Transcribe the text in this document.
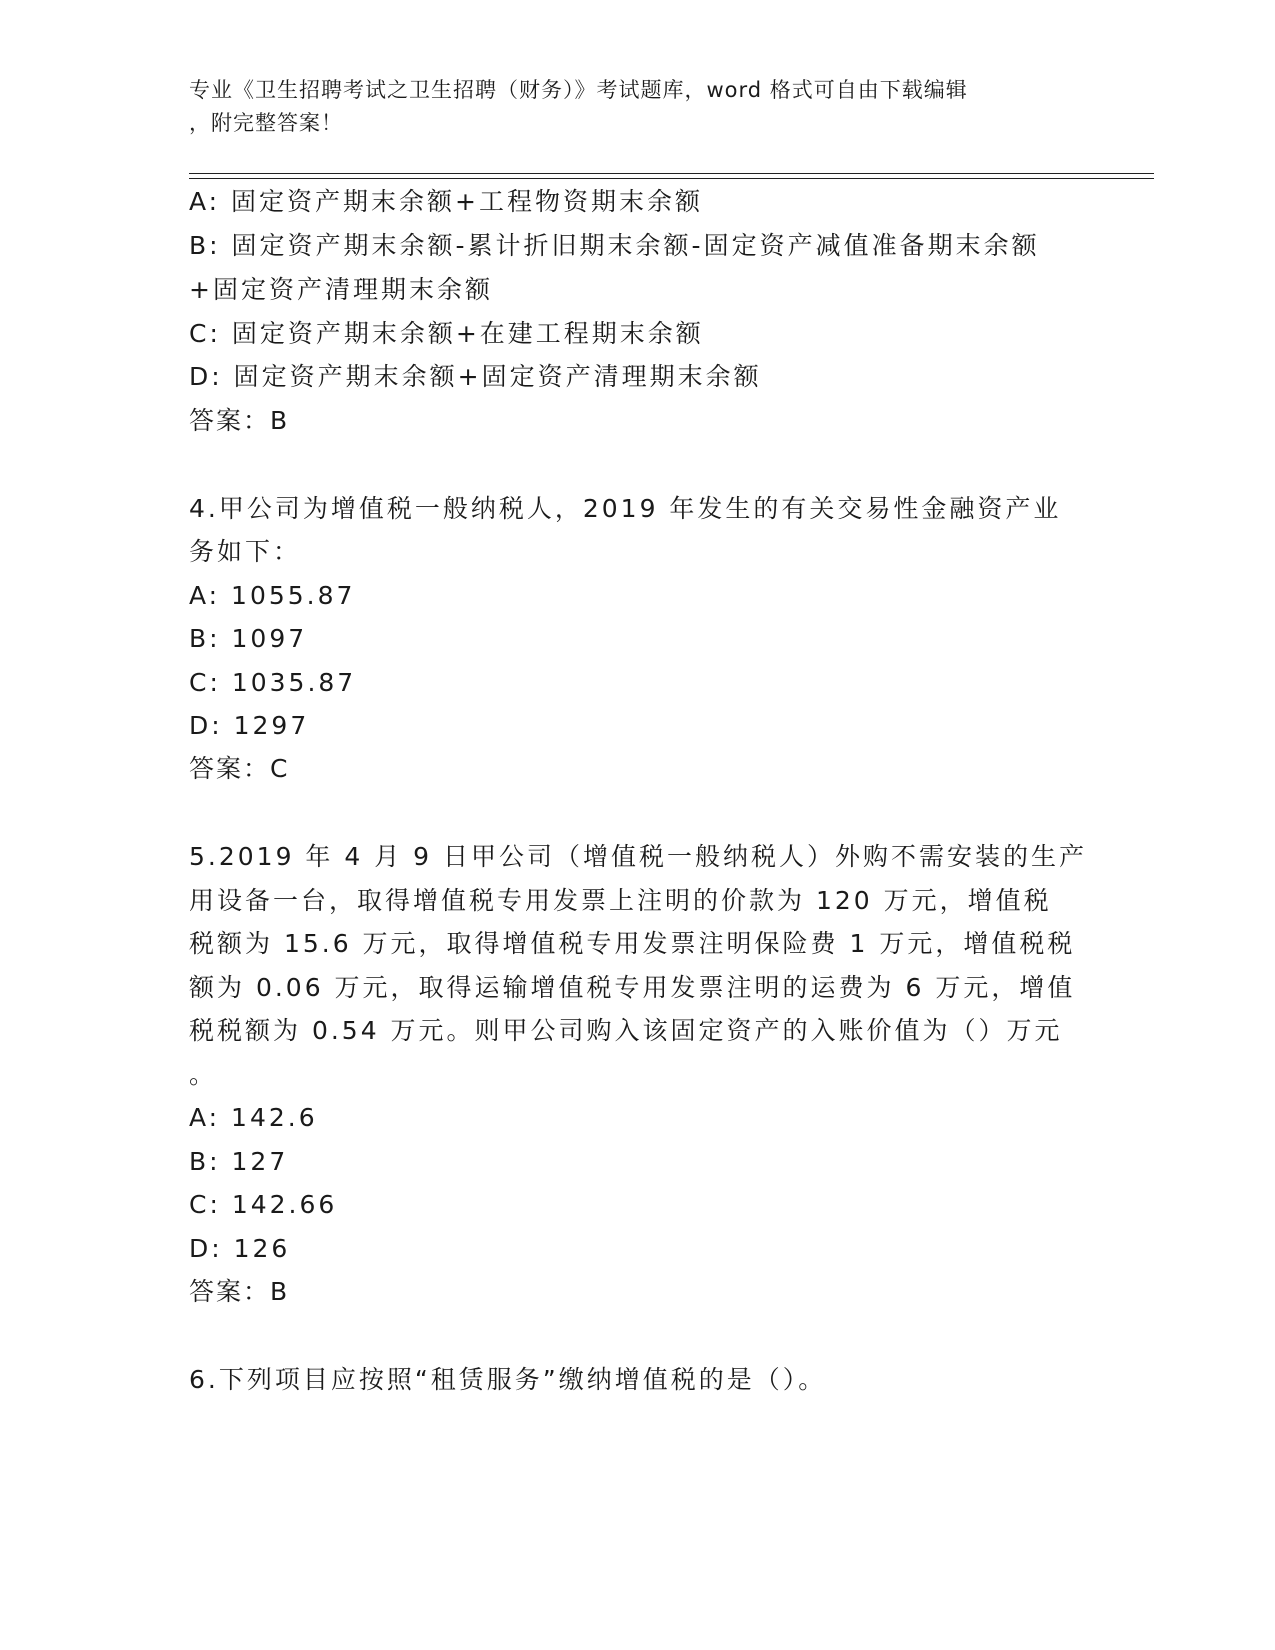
专业《卫生招聘考试之卫生招聘（财务）》考试题库，word 格式可自由下载编辑
，附完整答案！
A: 固定资产期末余额+工程物资期末余额
B: 固定资产期末余额-累计折旧期末余额-固定资产减值准备期末余额
+固定资产清理期末余额
C: 固定资产期末余额+在建工程期末余额
D: 固定资产期末余额+固定资产清理期末余额
答案：B
4.甲公司为增值税一般纳税人，2019 年发生的有关交易性金融资产业
务如下：
A: 1055.87
B: 1097
C: 1035.87
D: 1297
答案：C
5.2019 年 4 月 9 日甲公司（增值税一般纳税人）外购不需安装的生产
用设备一台，取得增值税专用发票上注明的价款为 120 万元，增值税
税额为 15.6 万元，取得增值税专用发票注明保险费 1 万元，增值税税
额为 0.06 万元，取得运输增值税专用发票注明的运费为 6 万元，增值
税税额为 0.54 万元。则甲公司购入该固定资产的入账价值为（）万元
。
A: 142.6
B: 127
C: 142.66
D: 126
答案：B
6.下列项目应按照“租赁服务”缴纳增值税的是（）。
